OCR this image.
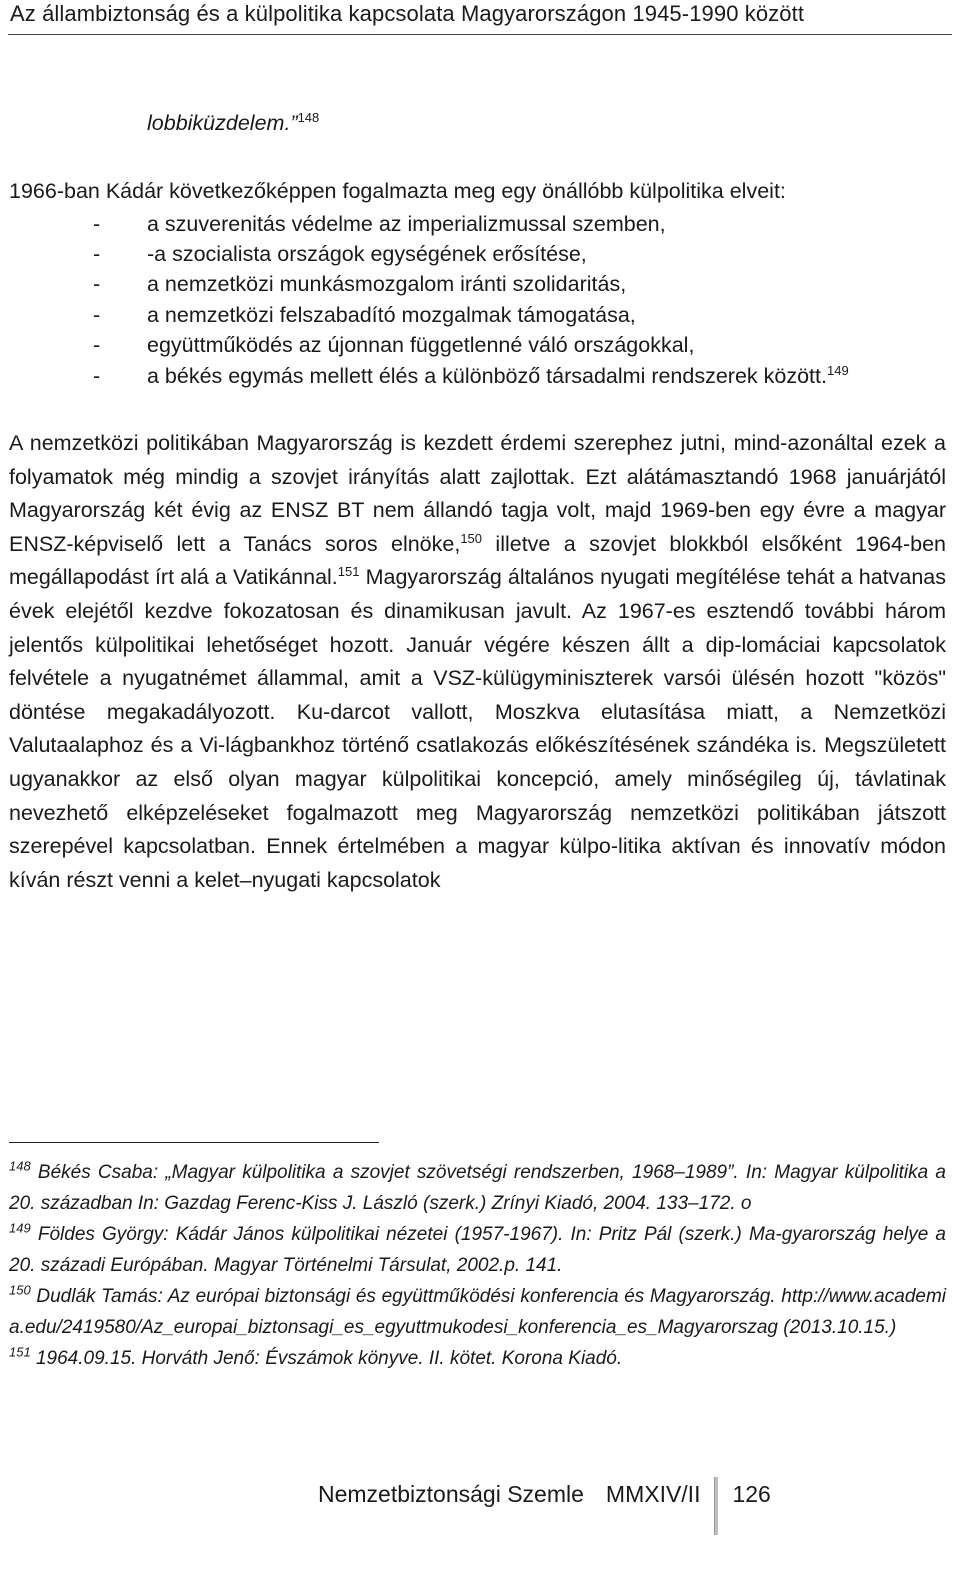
Az állambiztonság és a külpolitika kapcsolata Magyarországon 1945-1990 között

lobbiküzdelem.”$^{148}$

1966-ban Kádár következőképpen fogalmazta meg egy önállóbb külpolitika elveit:

- a szuverenitás védelme az imperializmussal szemben,
- -a szocialista országok egységének erősítése,
- a nemzetközi munkásmozgalom iránti szolidaritás,
- a nemzetközi felszabadító mozgalmak támogatása,
- együttműködés az újonnan függetlenné váló országokkal,
- a békés egymás mellett élés a különböző társadalmi rendszerek között.$^{149}$

A nemzetközi politikában Magyarország is kezdett érdemi szerephez jutni, mind-azonáltal ezek a folyamatok még mindig a szovjet irányítás alatt zajlottak. Ezt alátámasztandó 1968 januárjától Magyarország két évig az ENSZ BT nem állandó tagja volt, majd 1969-ben egy évre a magyar ENSZ-képviselő lett a Tanács soros elnöke,$^{150}$ illetve a szovjet blokkból elsőként 1964-ben megállapodást írt alá a Vatikánnal.$^{151}$ Magyarország általános nyugati megítélése tehát a hatvanas évek elejétől kezdve fokozatosan és dinamikusan javult. Az 1967-es esztendő további három jelentős külpolitikai lehetőséget hozott. Január végére készen állt a dip-lomáciai kapcsolatok felvétele a nyugatnémet állammal, amit a VSZ-külügyminiszterek varsói ülésén hozott "közös" döntése megakadályozott. Ku-darcot vallott, Moszkva elutasítása miatt, a Nemzetközi Valutaalaphoz és a Vi-lágbankhoz történő csatlakozás előkészítésének szándéka is. Megszületett ugyanakkor az első olyan magyar külpolitikai koncepció, amely minőségileg új, távlatinak nevezhető elképzeléseket fogalmazott meg Magyarország nemzetközi politikában játszott szerepével kapcsolatban. Ennek értelmében a magyar külpo-litika aktívan és innovatív módon kíván részt venni a kelet–nyugati kapcsolatok

$^{148}$ Békés Csaba: „Magyar külpolitika a szovjet szövetségi rendszerben, 1968–1989”. In: Magyar külpolitika a 20. században In: Gazdag Ferenc-Kiss J. László (szerk.) Zrínyi Kiadó, 2004. 133–172. o

$^{149}$ Földes György: Kádár János külpolitikai nézetei (1957-1967). In: Pritz Pál (szerk.) Ma-gyarország helye a 20. századi Európában. Magyar Történelmi Társulat, 2002.p. 141.

$^{150}$ Dudlák Tamás: Az európai biztonsági és együttműködési konferencia és Magyarország. http://www.academia.edu/2419580/Az_europai_biztonsagi_es_egyuttmukodesi_konferencia_es_Magyarorszag (2013.10.15.)

$^{151}$ 1964.09.15. Horváth Jenő: Évszámok könyve. II. kötet. Korona Kiadó.

Nemzetbiztonsági Szemle MMXIV/II 126
